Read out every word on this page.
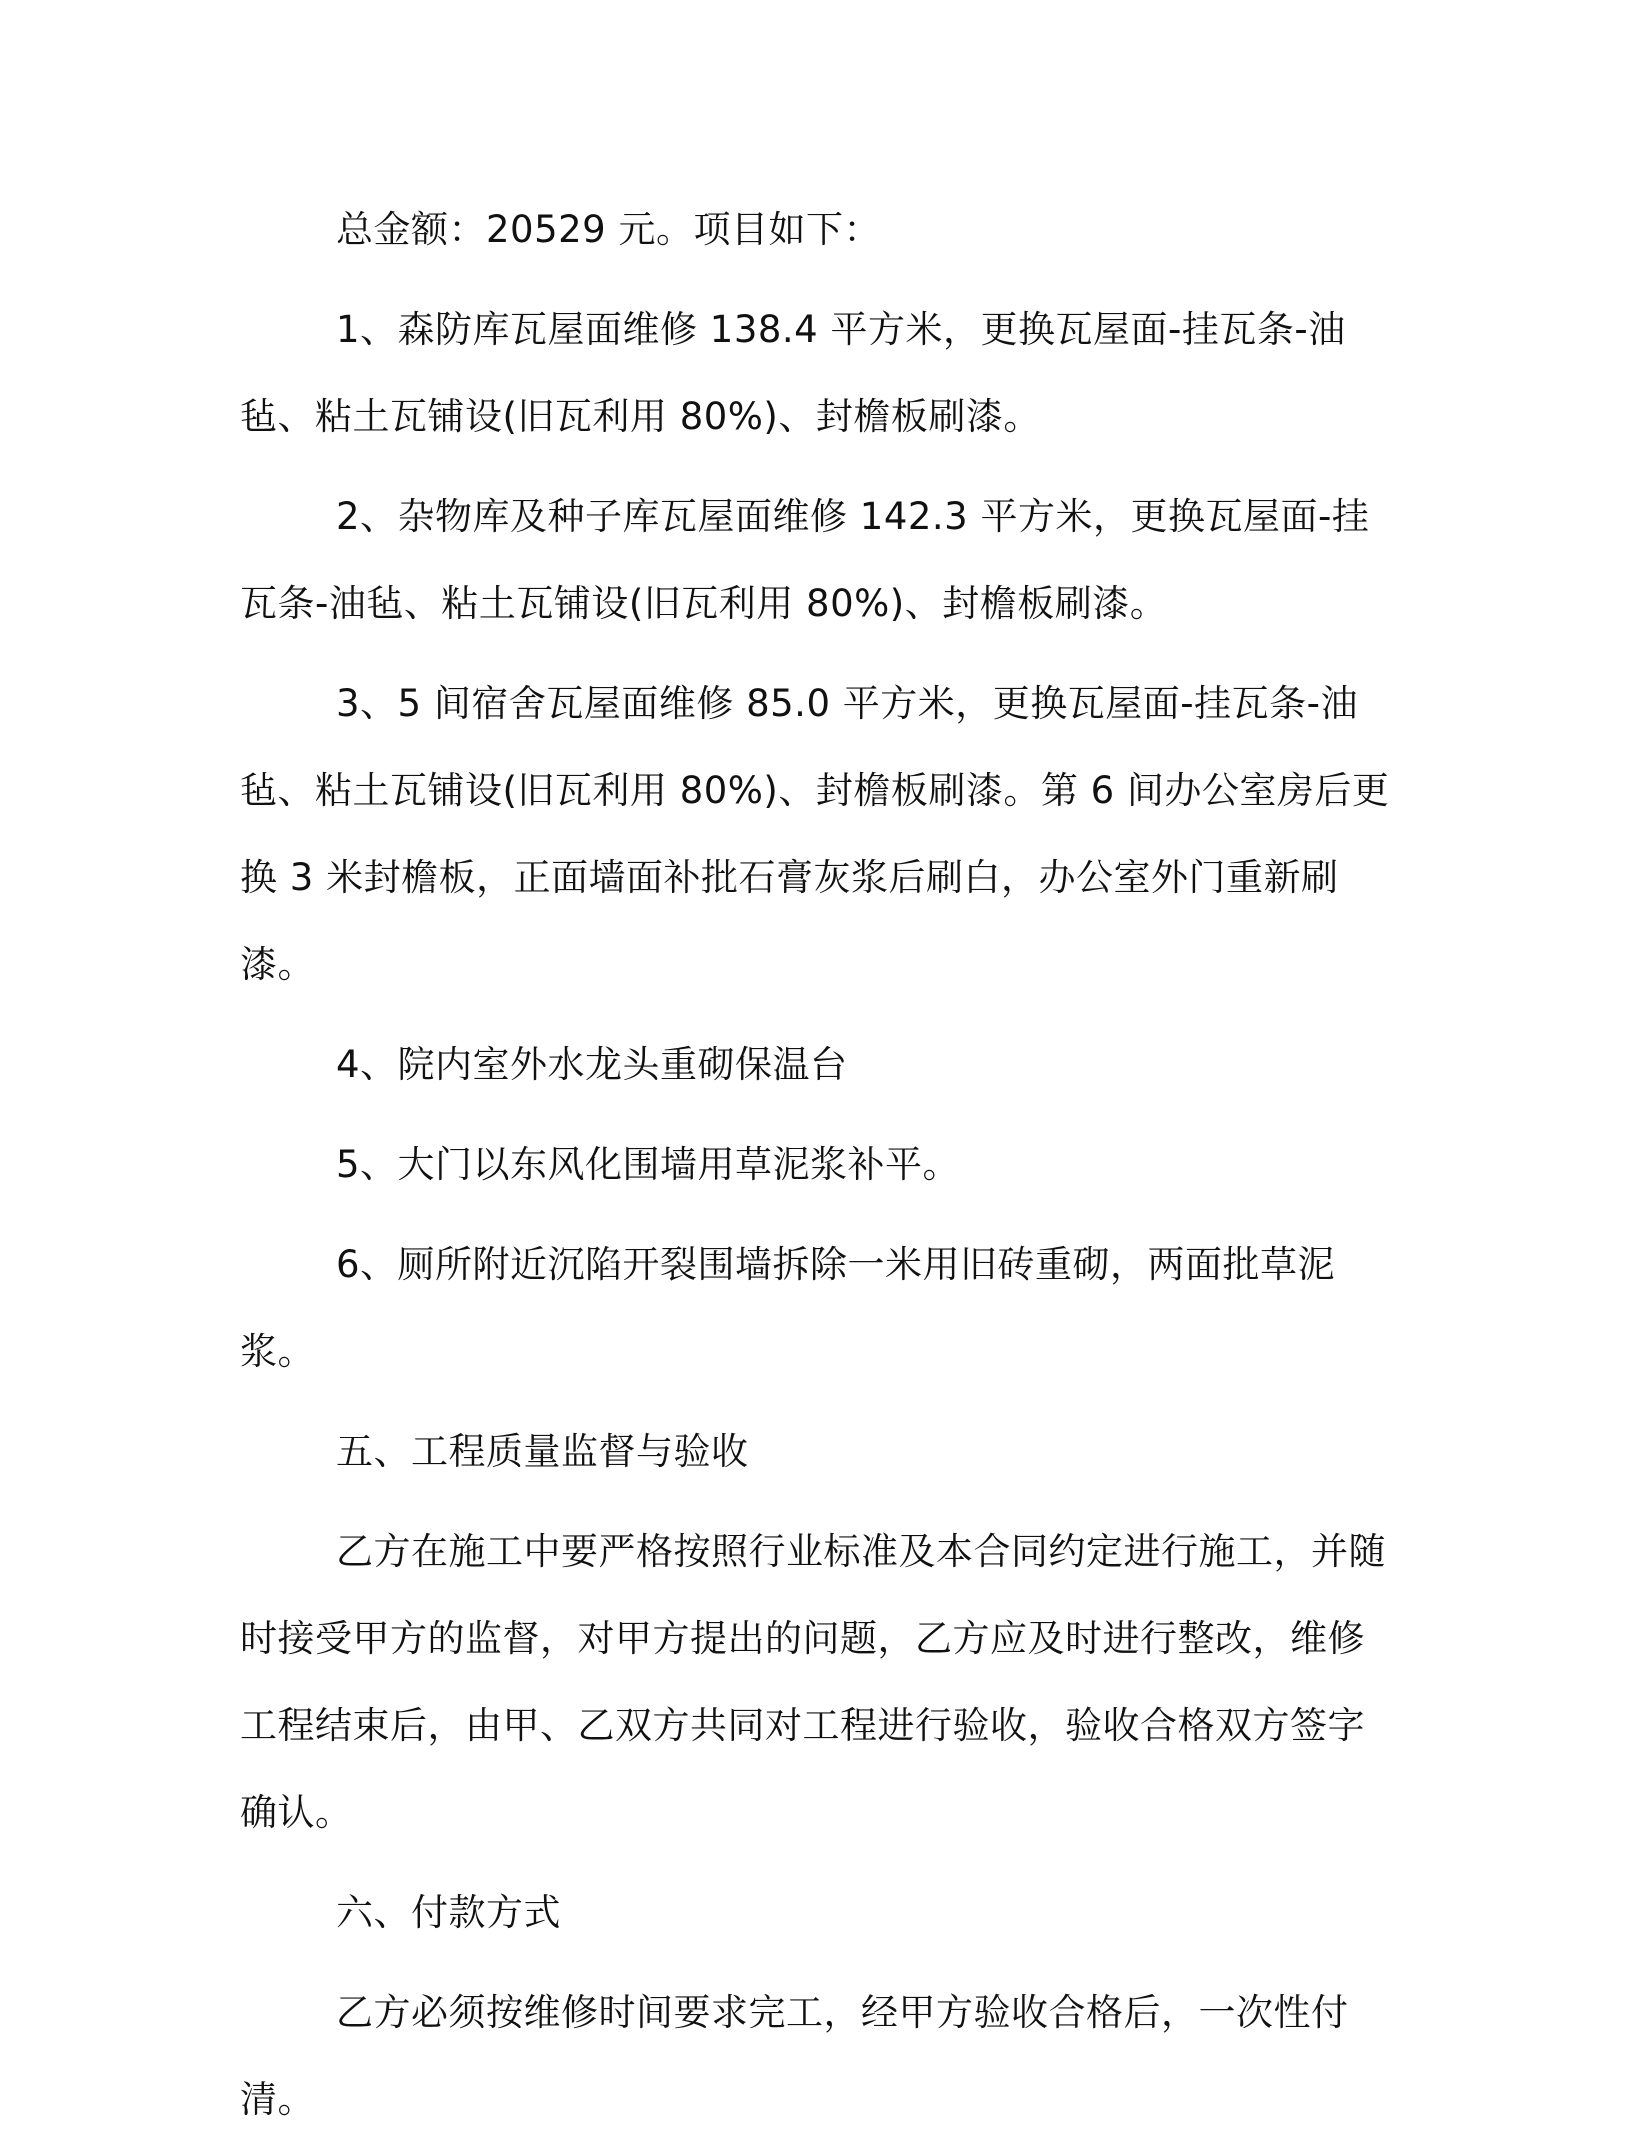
总金额：20529 元。项目如下：

1、森防库瓦屋面维修 138.4 平方米，更换瓦屋面-挂瓦条-油毡、粘土瓦铺设(旧瓦利用 80%)、封檐板刷漆。

2、杂物库及种子库瓦屋面维修 142.3 平方米，更换瓦屋面-挂瓦条-油毡、粘土瓦铺设(旧瓦利用 80%)、封檐板刷漆。

3、5 间宿舍瓦屋面维修 85.0 平方米，更换瓦屋面-挂瓦条-油毡、粘土瓦铺设(旧瓦利用 80%)、封檐板刷漆。第 6 间办公室房后更换 3 米封檐板，正面墙面补批石膏灰浆后刷白，办公室外门重新刷漆。

4、院内室外水龙头重砌保温台

5、大门以东风化围墙用草泥浆补平。

6、厕所附近沉陷开裂围墙拆除一米用旧砖重砌，两面批草泥浆。

五、工程质量监督与验收

乙方在施工中要严格按照行业标准及本合同约定进行施工，并随时接受甲方的监督，对甲方提出的问题，乙方应及时进行整改，维修工程结束后，由甲、乙双方共同对工程进行验收，验收合格双方签字确认。

六、付款方式

乙方必须按维修时间要求完工，经甲方验收合格后，一次性付清。
